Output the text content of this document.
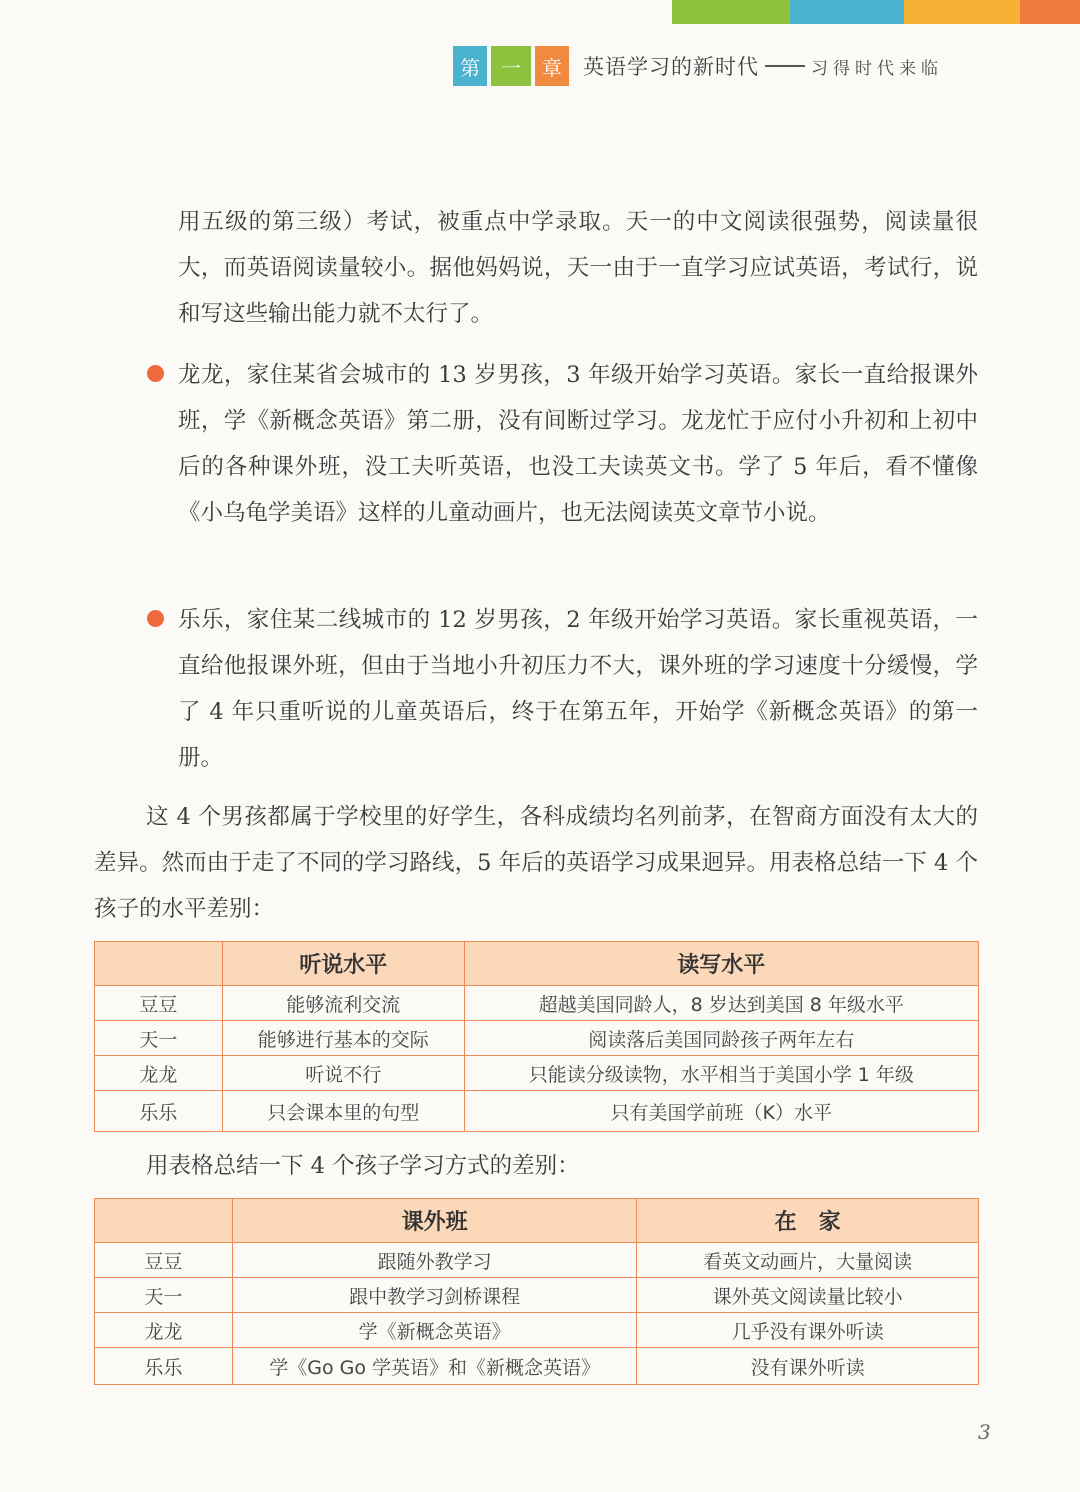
第	一	章	英语学习的新时代	习得时代来临

用五级的第三级）考试，被重点中学录取。天一的中文阅读很强势，阅读量很大，而英语阅读量较小。据他妈妈说，天一由于一直学习应试英语，考试行，说和写这些输出能力就不太行了。

龙龙，家住某省会城市的 13 岁男孩，3 年级开始学习英语。家长一直给报课外班，学《新概念英语》第二册，没有间断过学习。龙龙忙于应付小升初和上初中后的各种课外班，没工夫听英语，也没工夫读英文书。学了 5 年后，看不懂像《小乌龟学美语》这样的儿童动画片，也无法阅读英文章节小说。

乐乐，家住某二线城市的 12 岁男孩，2 年级开始学习英语。家长重视英语，一直给他报课外班，但由于当地小升初压力不大，课外班的学习速度十分缓慢，学了 4 年只重听说的儿童英语后，终于在第五年，开始学《新概念英语》的第一册。

这 4 个男孩都属于学校里的好学生，各科成绩均名列前茅，在智商方面没有太大的差异。然而由于走了不同的学习路线，5 年后的英语学习成果迥异。用表格总结一下 4 个孩子的水平差别：

	听说水平	读写水平
豆豆	能够流利交流	超越美国同龄人，8 岁达到美国 8 年级水平
天一	能够进行基本的交际	阅读落后美国同龄孩子两年左右
龙龙	听说不行	只能读分级读物，水平相当于美国小学 1 年级
乐乐	只会课本里的句型	只有美国学前班（K）水平

用表格总结一下 4 个孩子学习方式的差别：

	课外班	在　家
豆豆	跟随外教学习	看英文动画片，大量阅读
天一	跟中教学习剑桥课程	课外英文阅读量比较小
龙龙	学《新概念英语》	几乎没有课外听读
乐乐	学《Go Go 学英语》和《新概念英语》	没有课外听读
3
